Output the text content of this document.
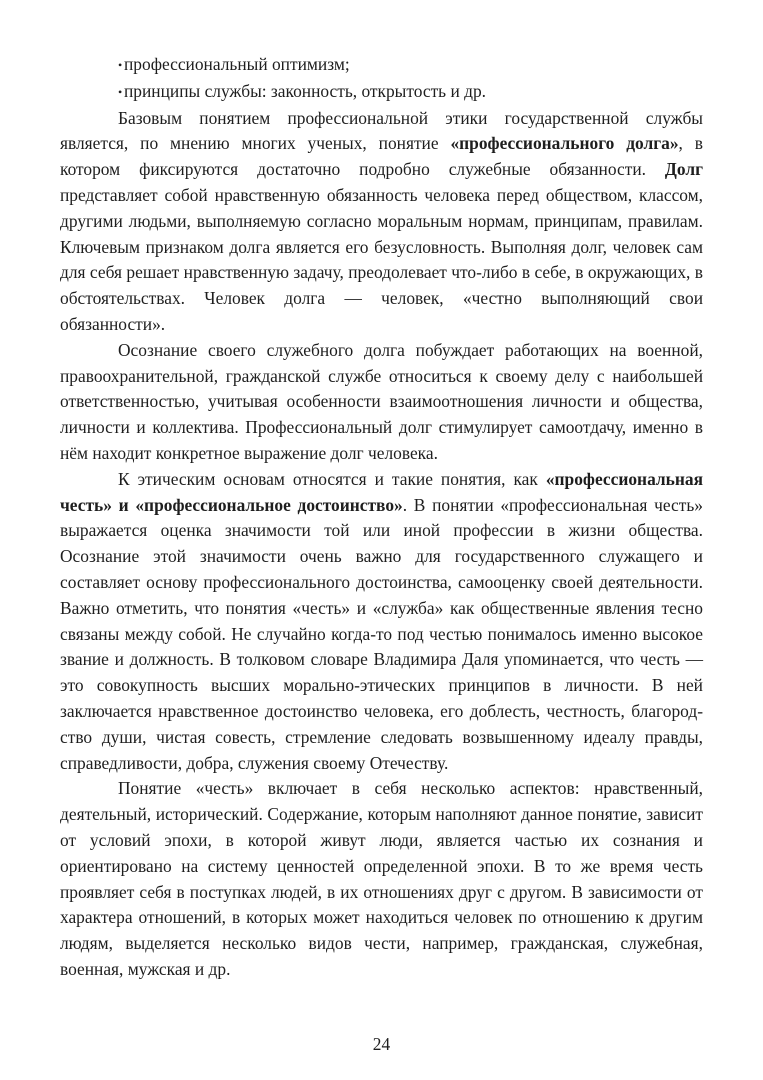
• профессиональный оптимизм;

• принципы службы: законность, открытость и др.

Базовым понятием профессиональной этики государственной службы является, по мнению многих ученых, понятие «профессионального долга», в котором фиксируются достаточно подробно служебные обязанности. Долг представляет собой нравственную обязанность человека перед обществом, классом, другими людьми, выполняемую согласно моральным нормам, принципам, правилам. Ключевым признаком долга является его безусловность. Выполняя долг, человек сам для себя решает нравственную задачу, преодолевает что-либо в себе, в окружающих, в обстоятельствах. Человек долга — человек, «честно выполняющий свои обязанности».

Осознание своего служебного долга побуждает работающих на военной, правоохранительной, гражданской службе относиться к своему делу с наибольшей ответственностью, учитывая особенности взаимоотношения личности и общества, личности и коллектива. Профессиональный долг стимулирует самоотдачу, именно в нём находит конкретное выражение долг человека.

К этическим основам относятся и такие понятия, как «профессиональная честь» и «профессиональное достоинство». В понятии «профессиональная честь» выражается оценка значимости той или иной профессии в жизни общества. Осознание этой значимости очень важно для государственного служащего и составляет основу профессионального достоинства, самооценку своей деятельности. Важно отметить, что понятия «честь» и «служба» как общественные явления тесно связаны между собой. Не случайно когда-то под честью понималось именно высокое звание и должность. В толковом словаре Владимира Даля упоминается, что честь — это совокупность высших морально-этических принципов в личности. В ней заключается нравственное достоинство человека, его доблесть, честность, благородство души, чистая совесть, стремление следовать возвышенному идеалу правды, справедливости, добра, служения своему Отечеству.

Понятие «честь» включает в себя несколько аспектов: нравственный, деятельный, исторический. Содержание, которым наполняют данное понятие, зависит от условий эпохи, в которой живут люди, является частью их сознания и ориентировано на систему ценностей определенной эпохи. В то же время честь проявляет себя в поступках людей, в их отношениях друг с другом. В зависимости от характера отношений, в которых может находиться человек по отношению к другим людям, выделяется несколько видов чести, например, гражданская, служебная, военная, мужская и др.

24
